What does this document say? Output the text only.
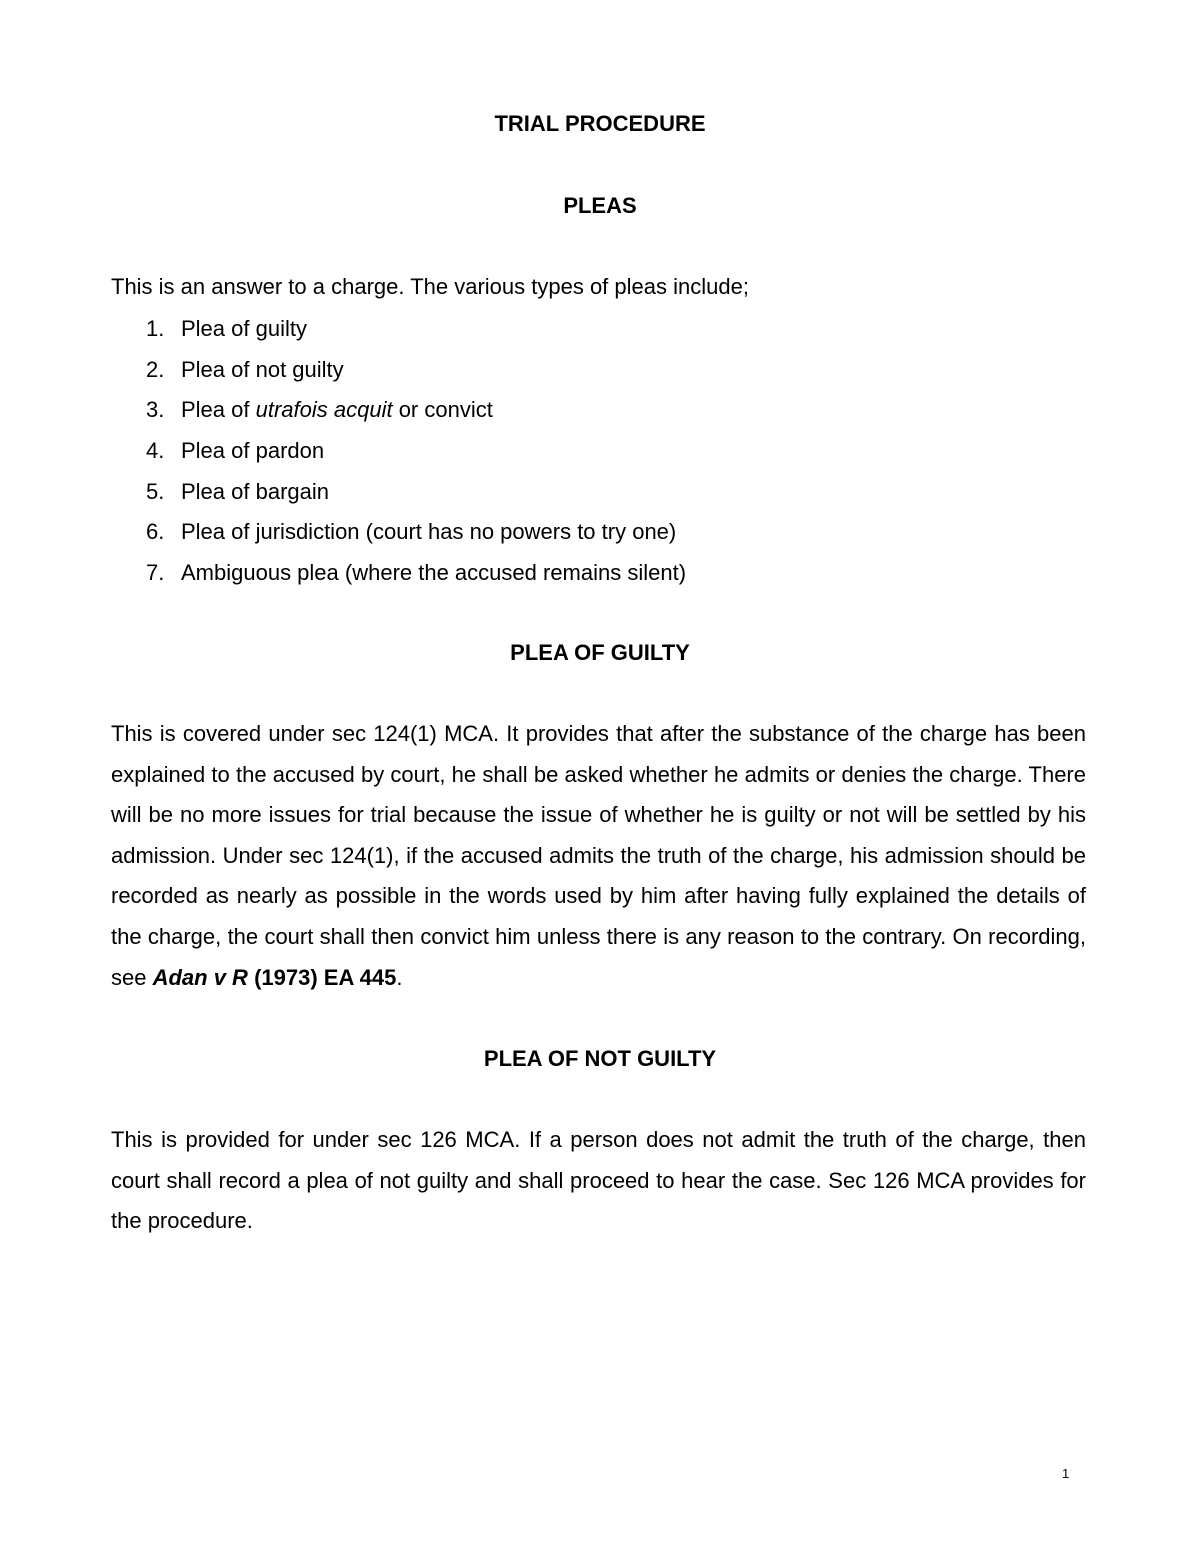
TRIAL PROCEDURE
PLEAS

This is an answer to a charge. The various types of pleas include;

1. Plea of guilty
2. Plea of not guilty
3. Plea of utrafois acquit or convict
4. Plea of pardon
5. Plea of bargain
6. Plea of jurisdiction (court has no powers to try one)
7. Ambiguous plea (where the accused remains silent)
PLEA OF GUILTY

This is covered under sec 124(1) MCA. It provides that after the substance of the charge has been explained to the accused by court, he shall be asked whether he admits or denies the charge. There will be no more issues for trial because the issue of whether he is guilty or not will be settled by his admission. Under sec 124(1), if the accused admits the truth of the charge, his admission should be recorded as nearly as possible in the words used by him after having fully explained the details of the charge, the court shall then convict him unless there is any reason to the contrary. On recording, see Adan v R (1973) EA 445.

PLEA OF NOT GUILTY

This is provided for under sec 126 MCA. If a person does not admit the truth of the charge, then court shall record a plea of not guilty and shall proceed to hear the case. Sec 126 MCA provides for the procedure.

1
